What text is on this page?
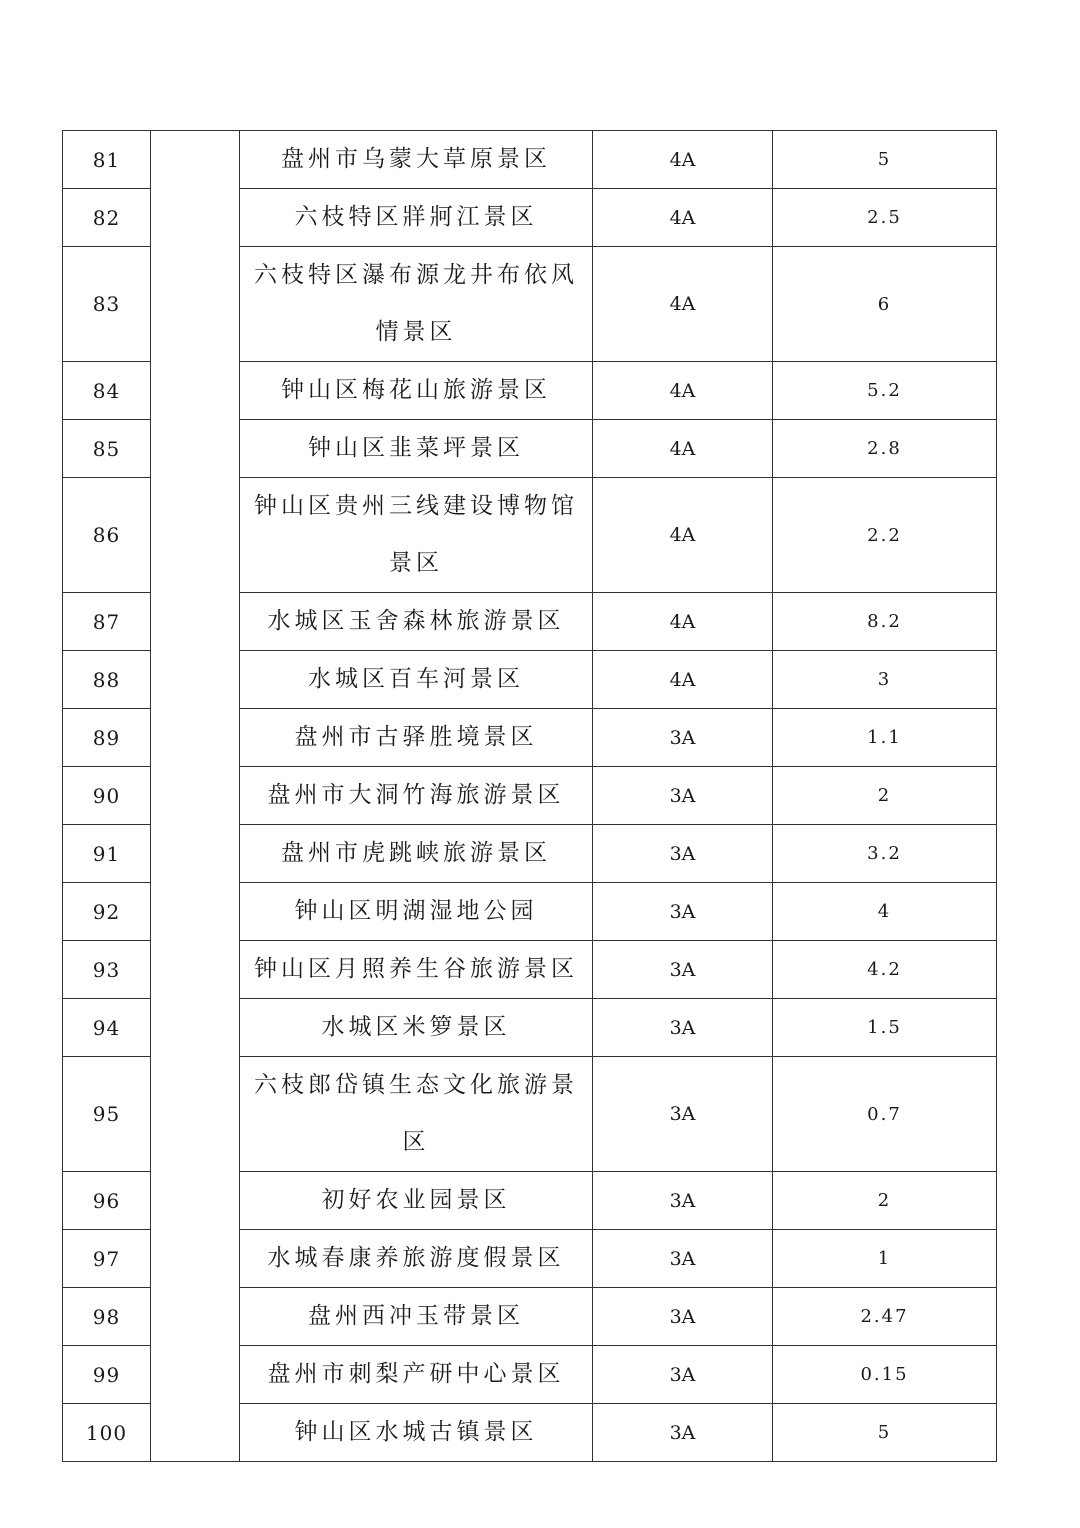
81		盘州市乌蒙大草原景区	4A	5
82		六枝特区牂牁江景区	4A	2.5
83		六枝特区瀑布源龙井布依风情景区	4A	6
84		钟山区梅花山旅游景区	4A	5.2
85		钟山区韭菜坪景区	4A	2.8
86		钟山区贵州三线建设博物馆景区	4A	2.2
87		水城区玉舍森林旅游景区	4A	8.2
88		水城区百车河景区	4A	3
89		盘州市古驿胜境景区	3A	1.1
90		盘州市大洞竹海旅游景区	3A	2
91		盘州市虎跳峡旅游景区	3A	3.2
92		钟山区明湖湿地公园	3A	4
93		钟山区月照养生谷旅游景区	3A	4.2
94		水城区米箩景区	3A	1.5
95		六枝郎岱镇生态文化旅游景区	3A	0.7
96		初好农业园景区	3A	2
97		水城春康养旅游度假景区	3A	1
98		盘州西冲玉带景区	3A	2.47
99		盘州市刺梨产研中心景区	3A	0.15
100		钟山区水城古镇景区	3A	5
